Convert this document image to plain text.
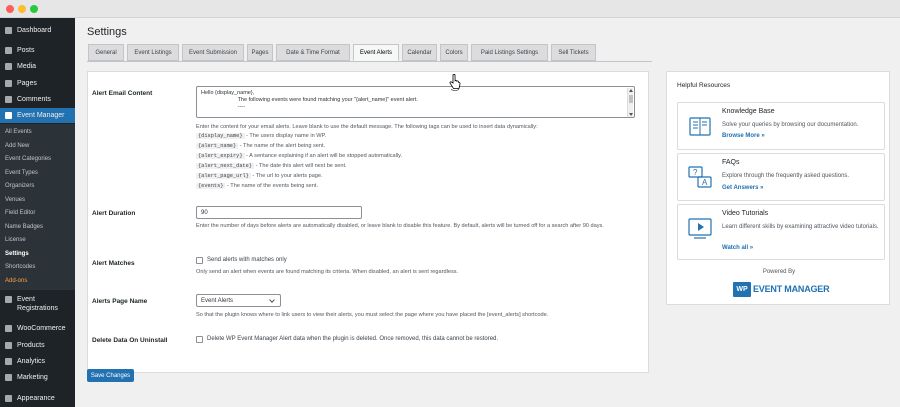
Dashboard
Posts
Media
Pages
Comments
Event Manager
All Events
Add New
Event Categories
Event Types
Organizers
Venues
Field Editor
Name Badges
License
Settings
Shortcodes
Add-ons
Event Registrations
WooCommerce
Products
Analytics
Marketing
Appearance
Settings
General	Event Listings	Event Submission	Pages	Date & Time Format	Event Alerts	Calendar	Colors	Paid Listings Settings	Sell Tickets
Alert Email Content	Hello {display_name},
The following events were found matching your "{alert_name}" event alert.
----

Enter the content for your email alerts. Leave blank to use the default message. The following tags can be used to insert data dynamically:
{display_name} - The users display name in WP.
{alert_name} - The name of the alert being sent.
{alert_expiry} - A sentance explaining if an alert will be stopped automatically.
{alert_next_date} - The date this alert will next be sent.
{alert_page_url} - The url to your alerts page.
{events} - The name of the events being sent.
Alert Duration	90
Enter the number of days before alerts are automatically disabled, or leave blank to disable this feature. By default, alerts will be turned off for a search after 90 days.
Alert Matches	Send alerts with matches only
Only send an alert when events are found matching its criteria. When disabled, an alert is sent regardless.
Alerts Page Name	Event Alerts
So that the plugin knows where to link users to view their alerts, you must select the page where you have placed the [event_alerts] shortcode.
Delete Data On Uninstall	Delete WP Event Manager Alert data when the plugin is deleted. Once removed, this data cannot be restored.
Save Changes
Helpful Resources
Knowledge Base
Solve your queries by browsing our documentation.
Browse More »
?
A
FAQs
Explore through the frequently asked questions.
Get Answers »
Video Tutorials
Learn different skills by examining attractive video tutorials.
Watch all »
Powered By
WP EVENT MANAGER
